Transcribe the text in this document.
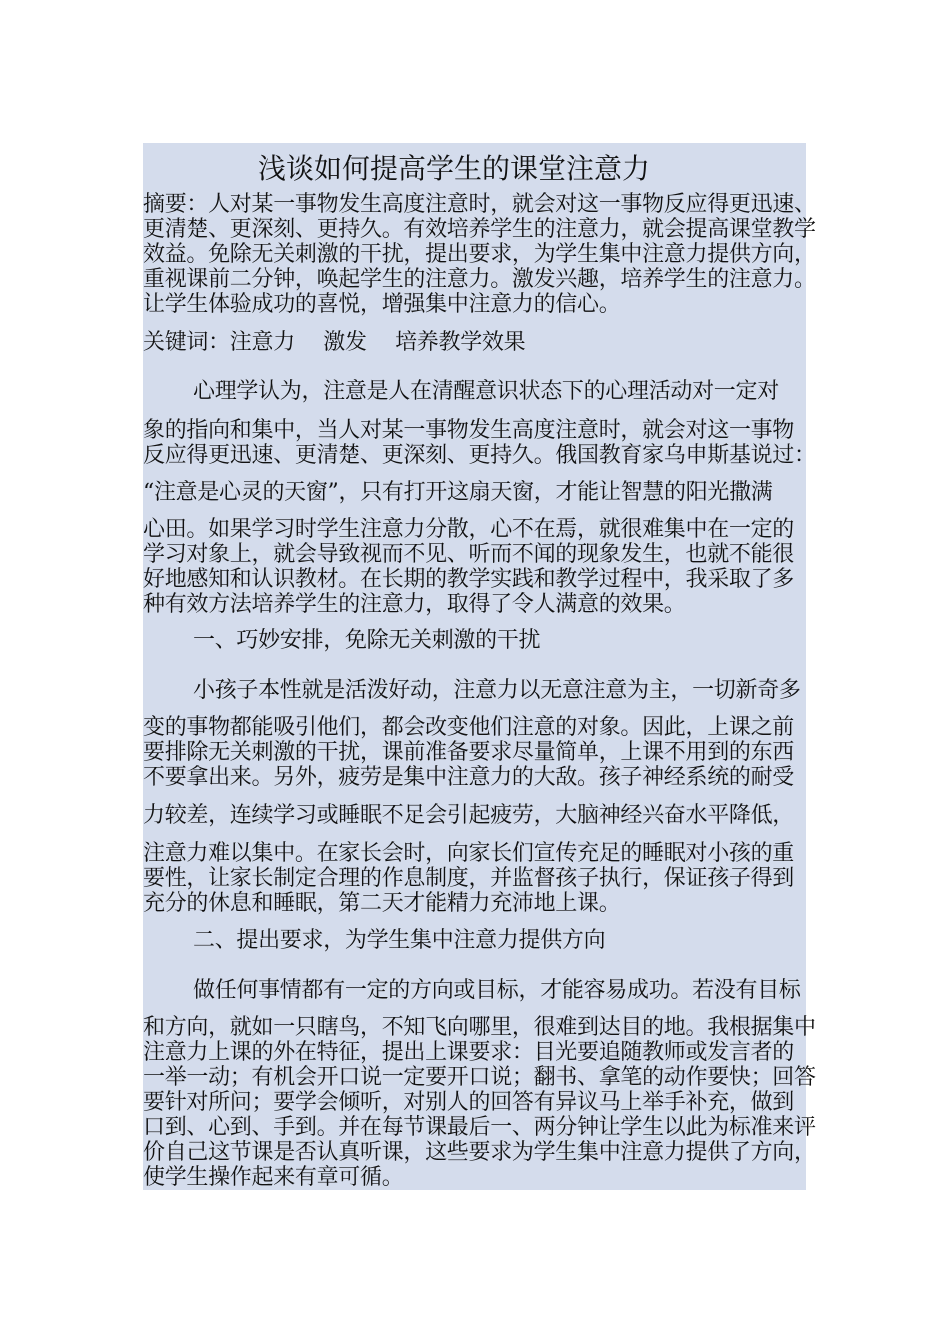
浅谈如何提高学生的课堂注意力
摘要：人对某一事物发生高度注意时，就会对这一事物反应得更迅速、
更清楚、更深刻、更持久。有效培养学生的注意力，就会提高课堂教学
效益。免除无关刺激的干扰，提出要求，为学生集中注意力提供方向，
重视课前二分钟，唤起学生的注意力。激发兴趣，培养学生的注意力。
让学生体验成功的喜悦，增强集中注意力的信心。
关键词：注意力　 激发　 培养教学效果
心理学认为，注意是人在清醒意识状态下的心理活动对一定对
象的指向和集中，当人对某一事物发生高度注意时，就会对这一事物
反应得更迅速、更清楚、更深刻、更持久。俄国教育家乌申斯基说过：
“注意是心灵的天窗”，只有打开这扇天窗，才能让智慧的阳光撒满
心田。如果学习时学生注意力分散，心不在焉，就很难集中在一定的
学习对象上，就会导致视而不见、听而不闻的现象发生，也就不能很
好地感知和认识教材。在长期的教学实践和教学过程中，我采取了多
种有效方法培养学生的注意力，取得了令人满意的效果。
一、巧妙安排，免除无关刺激的干扰
小孩子本性就是活泼好动，注意力以无意注意为主，一切新奇多
变的事物都能吸引他们，都会改变他们注意的对象。因此，上课之前
要排除无关刺激的干扰，课前准备要求尽量简单，上课不用到的东西
不要拿出来。另外，疲劳是集中注意力的大敌。孩子神经系统的耐受
力较差，连续学习或睡眠不足会引起疲劳，大脑神经兴奋水平降低，
注意力难以集中。在家长会时，向家长们宣传充足的睡眠对小孩的重
要性，让家长制定合理的作息制度，并监督孩子执行，保证孩子得到
充分的休息和睡眠，第二天才能精力充沛地上课。
二、提出要求，为学生集中注意力提供方向
做任何事情都有一定的方向或目标，才能容易成功。若没有目标
和方向，就如一只瞎鸟，不知飞向哪里，很难到达目的地。我根据集中
注意力上课的外在特征，提出上课要求：目光要追随教师或发言者的
一举一动；有机会开口说一定要开口说；翻书、拿笔的动作要快；回答
要针对所问；要学会倾听，对别人的回答有异议马上举手补充，做到
口到、心到、手到。并在每节课最后一、两分钟让学生以此为标准来评
价自己这节课是否认真听课，这些要求为学生集中注意力提供了方向，
使学生操作起来有章可循。
